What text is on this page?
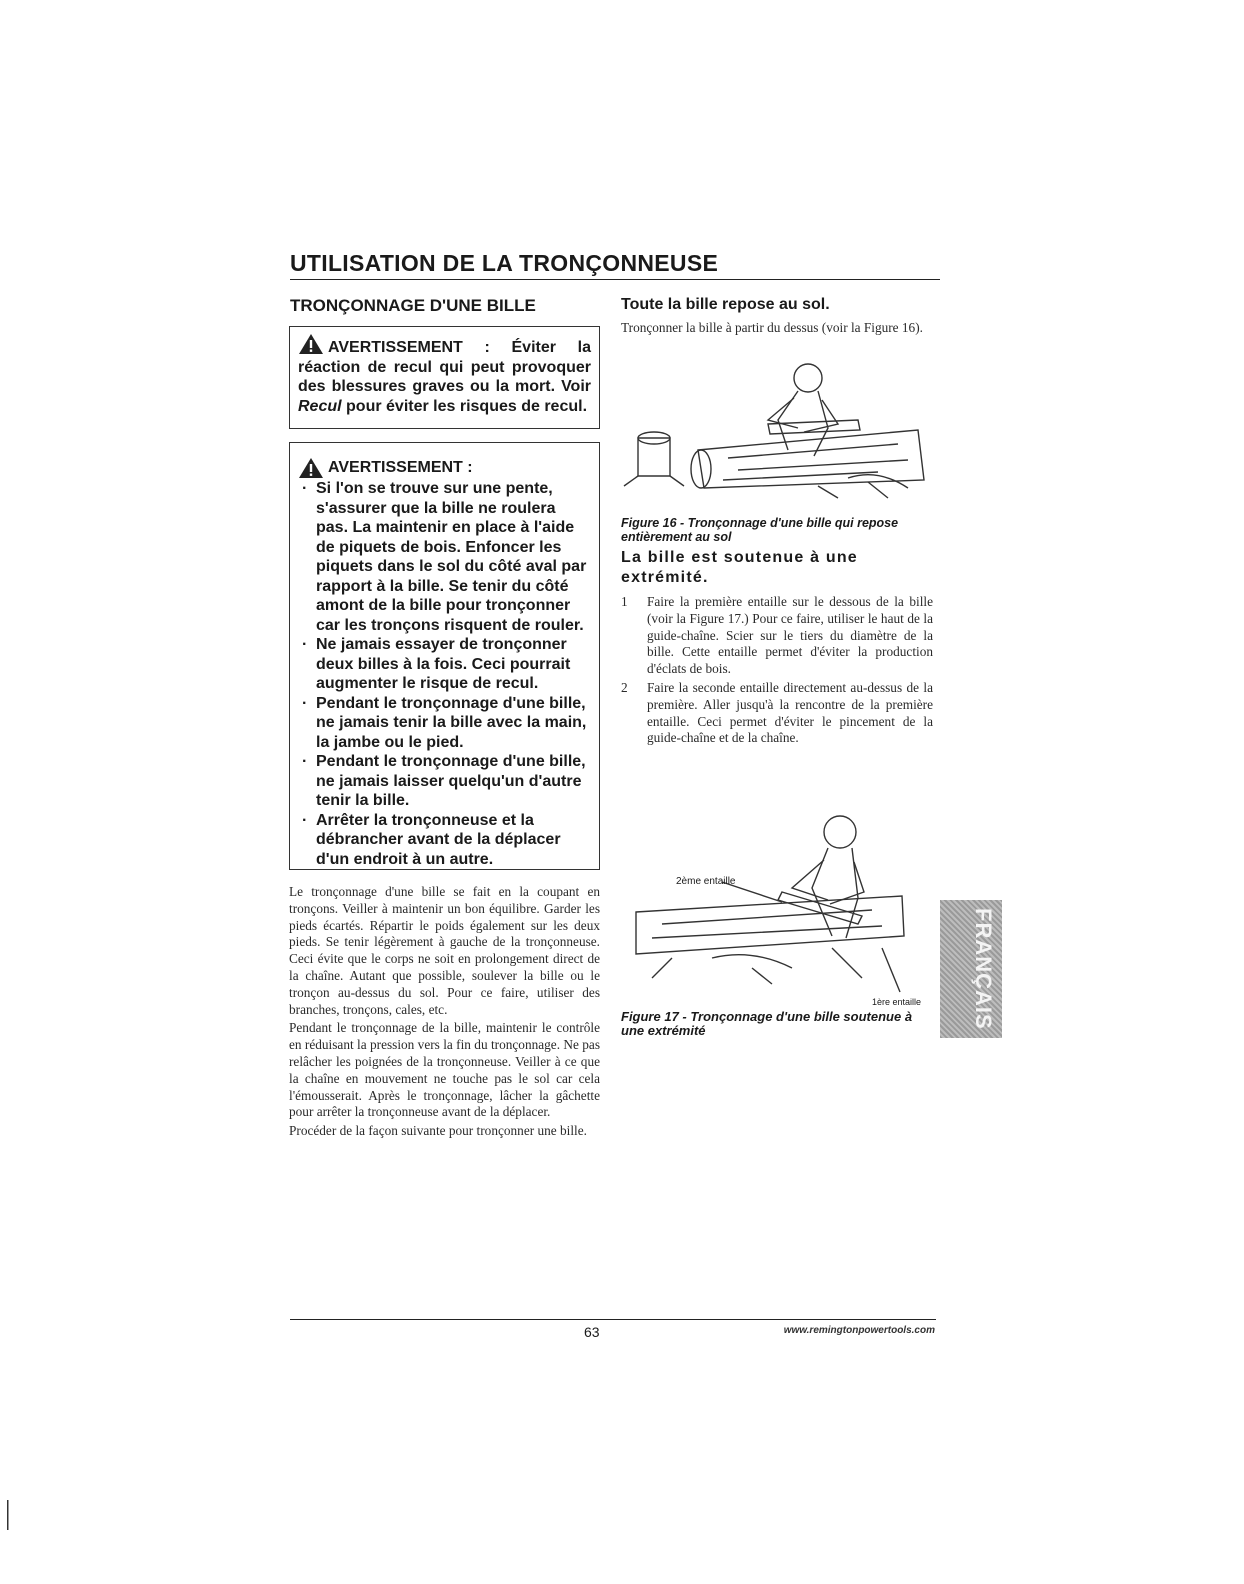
UTILISATION DE LA TRONÇONNEUSE
TRONÇONNAGE D'UNE BILLE
AVERTISSEMENT : Éviter la réaction de recul qui peut provoquer des blessures graves ou la mort. Voir Recul pour éviter les risques de recul.
AVERTISSEMENT :
· Si l'on se trouve sur une pente, s'assurer que la bille ne roulera pas. La maintenir en place à l'aide de piquets de bois. Enfoncer les piquets dans le sol du côté aval par rapport à la bille. Se tenir du côté amont de la bille pour tronçonner car les tronçons risquent de rouler.
· Ne jamais essayer de tronçonner deux billes à la fois. Ceci pourrait augmenter le risque de recul.
· Pendant le tronçonnage d'une bille, ne jamais tenir la bille avec la main, la jambe ou le pied.
· Pendant le tronçonnage d'une bille, ne jamais laisser quelqu'un d'autre tenir la bille.
· Arrêter la tronçonneuse et la débrancher avant de la déplacer d'un endroit à un autre.

Le tronçonnage d'une bille se fait en la coupant en tronçons. Veiller à maintenir un bon équilibre. Garder les pieds écartés. Répartir le poids également sur les deux pieds. Se tenir légèrement à gauche de la tronçonneuse. Ceci évite que le corps ne soit en prolongement direct de la chaîne. Autant que possible, soulever la bille ou le tronçon au-dessus du sol. Pour ce faire, utiliser des branches, tronçons, cales, etc.

Pendant le tronçonnage de la bille, maintenir le contrôle en réduisant la pression vers la fin du tronçonnage. Ne pas relâcher les poignées de la tronçonneuse. Veiller à ce que la chaîne en mouvement ne touche pas le sol car cela l'émousserait. Après le tronçonnage, lâcher la gâchette pour arrêter la tronçonneuse avant de la déplacer.

Procéder de la façon suivante pour tronçonner une bille.

Toute la bille repose au sol.
Tronçonner la bille à partir du dessus (voir la Figure 16).

Figure 16 - Tronçonnage d'une bille qui repose entièrement au sol

La bille est soutenue à une extrémité.
1	Faire la première entaille sur le dessous de la bille (voir la Figure 17.) Pour ce faire, utiliser le haut de la guide-chaîne. Scier sur le tiers du diamètre de la bille. Cette entaille permet d'éviter la production d'éclats de bois.
2	Faire la seconde entaille directement au-dessus de la première. Aller jusqu'à la rencontre de la première entaille. Ceci permet d'éviter le pincement de la guide-chaîne et de la chaîne.
2ème entaille
1ère entaille

Figure 17 - Tronçonnage d'une bille soutenue à une extrémité

FRANÇAIS
63	www.remingtonpowertools.com
